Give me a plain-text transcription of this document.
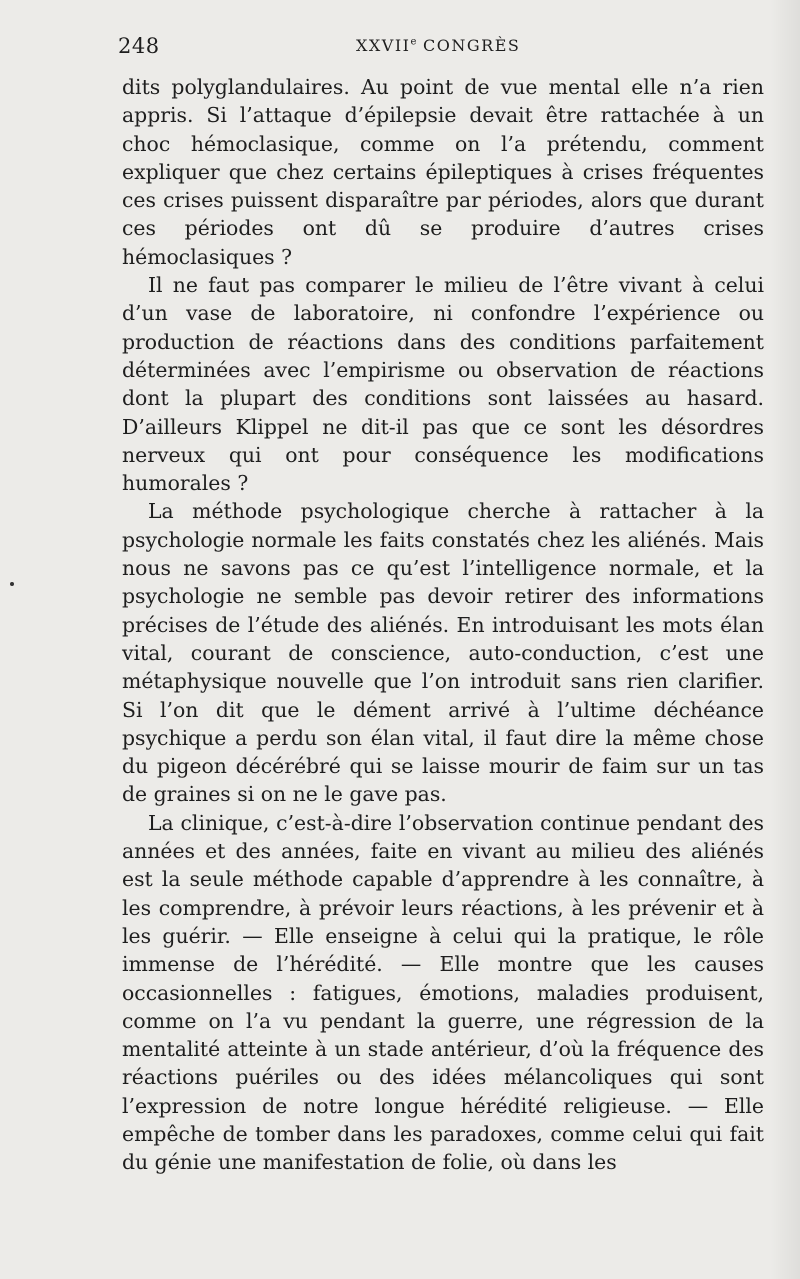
248	XXVIIe CONGRÈS

dits polyglandulaires. Au point de vue mental elle n’a rien appris. Si l’attaque d’épilepsie devait être rattachée à un choc hémoclasique, comme on l’a prétendu, comment expliquer que chez certains épileptiques à crises fréquentes ces crises puissent disparaître par périodes, alors que durant ces périodes ont dû se produire d’autres crises hémoclasiques ?

Il ne faut pas comparer le milieu de l’être vivant à celui d’un vase de laboratoire, ni confondre l’expérience ou production de réactions dans des conditions parfaitement déterminées avec l’empirisme ou observation de réactions dont la plupart des conditions sont laissées au hasard. D’ailleurs Klippel ne dit-il pas que ce sont les désordres nerveux qui ont pour conséquence les modifications humorales ?

La méthode psychologique cherche à rattacher à la psychologie normale les faits constatés chez les aliénés. Mais nous ne savons pas ce qu’est l’intelligence normale, et la psychologie ne semble pas devoir retirer des informations précises de l’étude des aliénés. En introduisant les mots élan vital, courant de conscience, auto-conduction, c’est une métaphysique nouvelle que l’on introduit sans rien clarifier. Si l’on dit que le dément arrivé à l’ultime déchéance psychique a perdu son élan vital, il faut dire la même chose du pigeon décérébré qui se laisse mourir de faim sur un tas de graines si on ne le gave pas.

La clinique, c’est-à-dire l’observation continue pendant des années et des années, faite en vivant au milieu des aliénés est la seule méthode capable d’apprendre à les connaître, à les comprendre, à prévoir leurs réactions, à les prévenir et à les guérir. — Elle enseigne à celui qui la pratique, le rôle immense de l’hérédité. — Elle montre que les causes occasionnelles : fatigues, émotions, maladies produisent, comme on l’a vu pendant la guerre, une régression de la mentalité atteinte à un stade antérieur, d’où la fréquence des réactions puériles ou des idées mélancoliques qui sont l’expression de notre longue hérédité religieuse. — Elle empêche de tomber dans les paradoxes, comme celui qui fait du génie une manifestation de folie, où dans les
